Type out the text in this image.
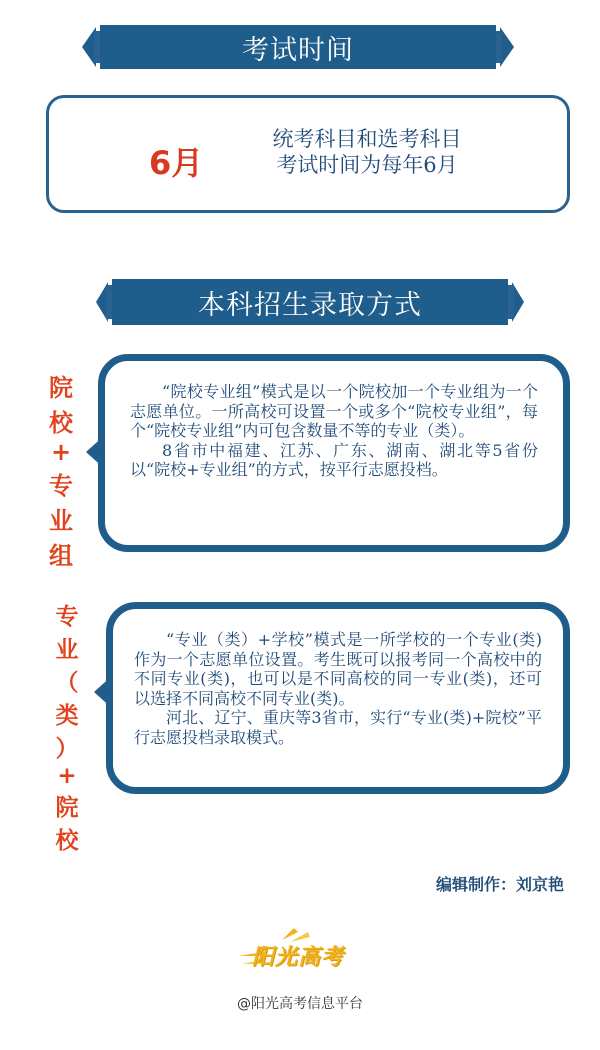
考试时间
6月
统考科目和选考科目
考试时间为每年6月
本科招生录取方式
院
校
+
专
业
组

“院校专业组”模式是以一个院校加一个专业组为一个志愿单位。一所高校可设置一个或多个“院校专业组”，每个“院校专业组”内可包含数量不等的专业（类）。

8省市中福建、江苏、广东、湖南、湖北等5省份以“院校+专业组”的方式，按平行志愿投档。

专
业
（
类
）
+
院
校

“专业（类）+学校”模式是一所学校的一个专业(类)作为一个志愿单位设置。考生既可以报考同一个高校中的不同专业(类)，也可以是不同高校的同一专业(类)，还可以选择不同高校不同专业(类)。

河北、辽宁、重庆等3省市，实行“专业(类)+院校”平行志愿投档录取模式。

编辑制作：刘京艳
阳光高考
@阳光高考信息平台
